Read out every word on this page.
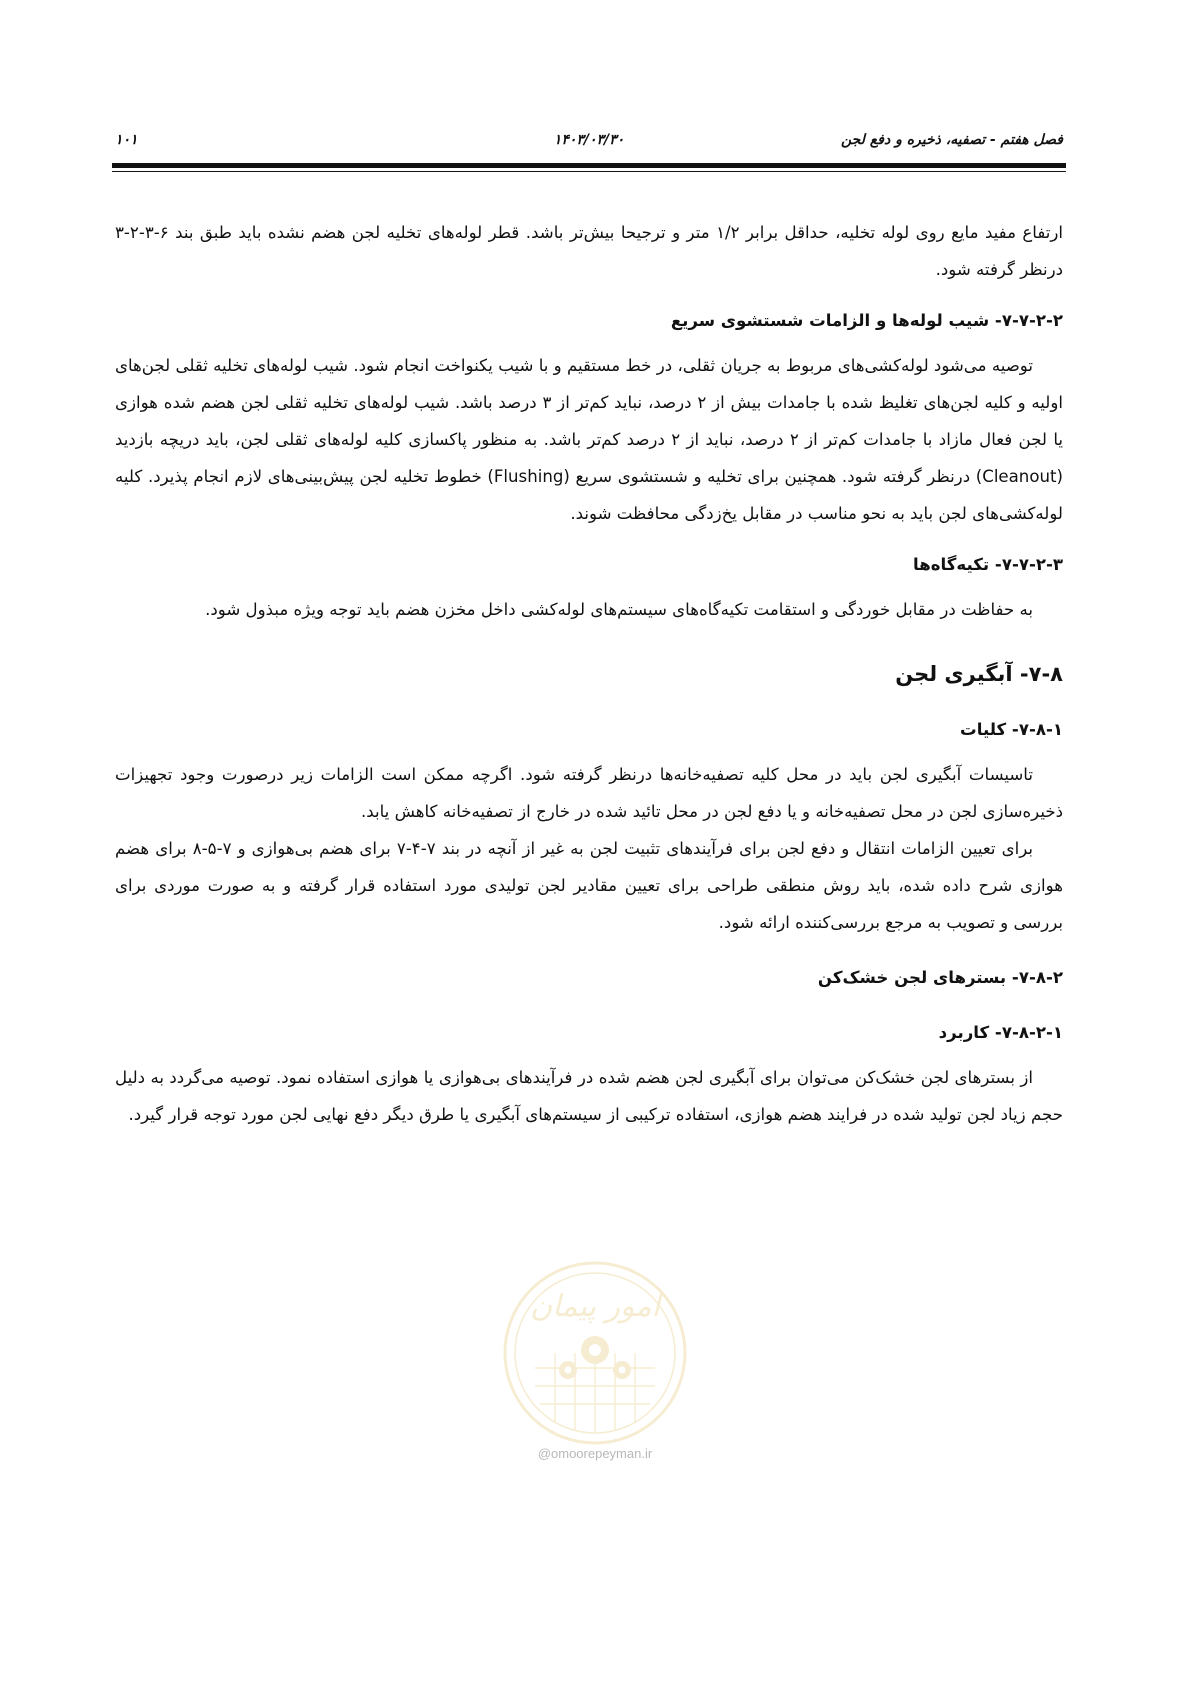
فصل هفتم - تصفیه، ذخیره و دفع لجن
۱۴۰۳/۰۳/۳۰
۱۰۱

ارتفاع مفید مایع روی لوله تخلیه، حداقل برابر ۱/۲ متر و ترجیحا بیش‌تر باشد. قطر لوله‌های تخلیه لجن هضم نشده باید طبق بند ۶-۳-۲-۳ درنظر گرفته شود.

۷-۷-۲-۲- شیب لوله‌ها و الزامات شستشوی سریع

توصیه می‌شود لوله‌کشی‌های مربوط به جریان ثقلی، در خط مستقیم و با شیب یکنواخت انجام شود. شیب لوله‌های تخلیه ثقلی لجن‌های اولیه و کلیه لجن‌های تغلیظ شده با جامدات بیش از ۲ درصد، نباید کم‌تر از ۳ درصد باشد. شیب لوله‌های تخلیه ثقلی لجن هضم شده هوازی یا لجن فعال مازاد با جامدات کم‌تر از ۲ درصد، نباید از ۲ درصد کم‌تر باشد. به منظور پاکسازی کلیه لوله‌های ثقلی لجن، باید دریچه بازدید (Cleanout) درنظر گرفته شود. همچنین برای تخلیه و شستشوی سریع (Flushing) خطوط تخلیه لجن پیش‌بینی‌های لازم انجام پذیرد. کلیه لوله‌کشی‌های لجن باید به نحو مناسب در مقابل یخ‌زدگی محافظت شوند.

۷-۷-۲-۳- تکیه‌گاه‌ها

به حفاظت در مقابل خوردگی و استقامت تکیه‌گاه‌های سیستم‌های لوله‌کشی داخل مخزن هضم باید توجه ویژه مبذول شود.

۷-۸- آبگیری لجن

۷-۸-۱- کلیات

تاسیسات آبگیری لجن باید در محل کلیه تصفیه‌خانه‌ها درنظر گرفته شود. اگرچه ممکن است الزامات زیر درصورت وجود تجهیزات ذخیره‌سازی لجن در محل تصفیه‌خانه و یا دفع لجن در محل تائید شده در خارج از تصفیه‌خانه کاهش یابد.

برای تعیین الزامات انتقال و دفع لجن برای فرآیندهای تثبیت لجن به غیر از آنچه در بند ۷-۴-۷ برای هضم بی‌هوازی و ۷-۵-۸ برای هضم هوازی شرح داده شده، باید روش منطقی طراحی برای تعیین مقادیر لجن تولیدی مورد استفاده قرار گرفته و به صورت موردی برای بررسی و تصویب به مرجع بررسی‌کننده ارائه شود.

۷-۸-۲- بسترهای لجن خشک‌کن

۷-۸-۲-۱- کاربرد

از بسترهای لجن خشک‌کن می‌توان برای آبگیری لجن هضم شده در فرآیندهای بی‌هوازی یا هوازی استفاده نمود. توصیه می‌گردد به دلیل حجم زیاد لجن تولید شده در فرایند هضم هوازی، استفاده ترکیبی از سیستم‌های آبگیری یا طرق دیگر دفع نهایی لجن مورد توجه قرار گیرد.

امور پیمان
@omoorepeyman.ir
